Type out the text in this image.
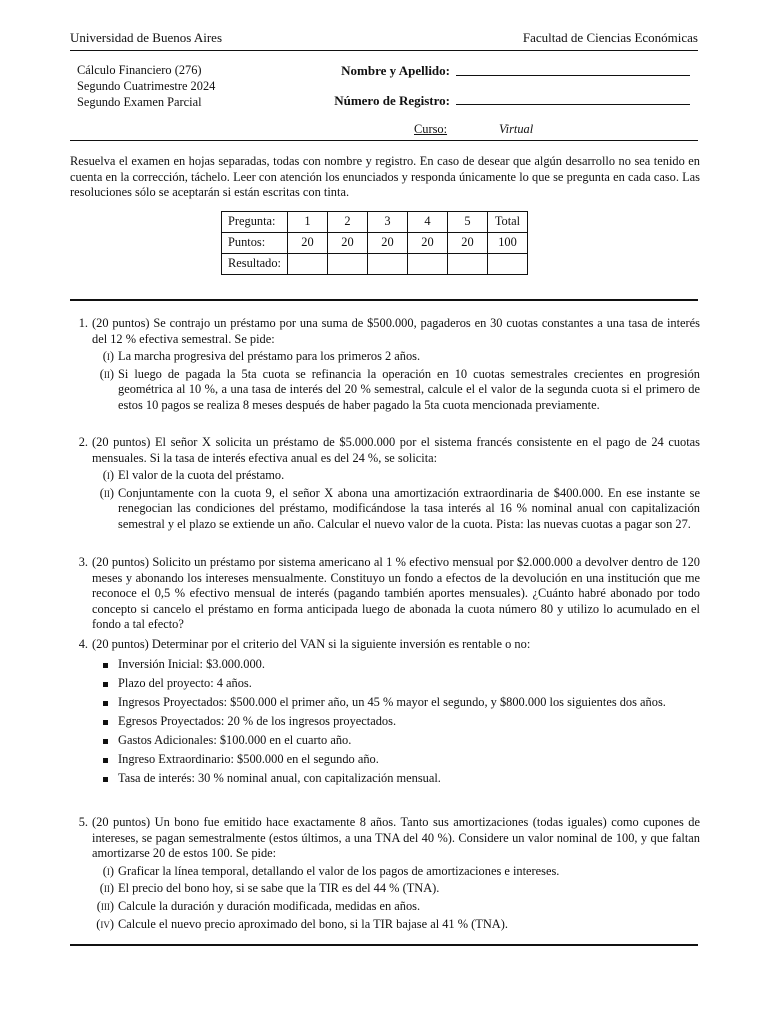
Universidad de Buenos Aires	Facultad de Ciencias Económicas
Cálculo Financiero (276)
Segundo Cuatrimestre 2024
Segundo Examen Parcial
Nombre y Apellido:
Número de Registro:
Curso:	Virtual
Resuelva el examen en hojas separadas, todas con nombre y registro. En caso de desear que algún desarrollo no sea tenido en cuenta en la corrección, táchelo. Leer con atención los enunciados y responda únicamente lo que se pregunta en cada caso. Las resoluciones sólo se aceptarán si están escritas con tinta.
Pregunta:	1	2	3	4	5	Total
Puntos:	20	20	20	20	20	100
Resultado:						
1. (20 puntos) Se contrajo un préstamo por una suma de $500.000, pagaderos en 30 cuotas constantes a una tasa de interés del 12 % efectiva semestral. Se pide:
(i) La marcha progresiva del préstamo para los primeros 2 años.
(ii) Si luego de pagada la 5ta cuota se refinancia la operación en 10 cuotas semestrales crecientes en progresión geométrica al 10 %, a una tasa de interés del 20 % semestral, calcule el el valor de la segunda cuota si el primero de estos 10 pagos se realiza 8 meses después de haber pagado la 5ta cuota mencionada previamente.
2. (20 puntos) El señor X solicita un préstamo de $5.000.000 por el sistema francés consistente en el pago de 24 cuotas mensuales. Si la tasa de interés efectiva anual es del 24 %, se solicita:
(i) El valor de la cuota del préstamo.
(ii) Conjuntamente con la cuota 9, el señor X abona una amortización extraordinaria de $400.000. En ese instante se renegocian las condiciones del préstamo, modificándose la tasa interés al 16 % nominal anual con capitalización semestral y el plazo se extiende un año. Calcular el nuevo valor de la cuota. Pista: las nuevas cuotas a pagar son 27.
3. (20 puntos) Solicito un préstamo por sistema americano al 1 % efectivo mensual por $2.000.000 a devolver dentro de 120 meses y abonando los intereses mensualmente. Constituyo un fondo a efectos de la devolución en una institución que me reconoce el 0,5 % efectivo mensual de interés (pagando también aportes mensuales). ¿Cuánto habré abonado por todo concepto si cancelo el préstamo en forma anticipada luego de abonada la cuota número 80 y utilizo lo acumulado en el fondo a tal efecto?
4. (20 puntos) Determinar por el criterio del VAN si la siguiente inversión es rentable o no:
Inversión Inicial: $3.000.000.
Plazo del proyecto: 4 años.
Ingresos Proyectados: $500.000 el primer año, un 45 % mayor el segundo, y $800.000 los siguientes dos años.
Egresos Proyectados: 20 % de los ingresos proyectados.
Gastos Adicionales: $100.000 en el cuarto año.
Ingreso Extraordinario: $500.000 en el segundo año.
Tasa de interés: 30 % nominal anual, con capitalización mensual.
5. (20 puntos) Un bono fue emitido hace exactamente 8 años. Tanto sus amortizaciones (todas iguales) como cupones de intereses, se pagan semestralmente (estos últimos, a una TNA del 40 %). Considere un valor nominal de 100, y que faltan amortizarse 20 de estos 100. Se pide:
(i) Graficar la línea temporal, detallando el valor de los pagos de amortizaciones e intereses.
(ii) El precio del bono hoy, si se sabe que la TIR es del 44 % (TNA).
(iii) Calcule la duración y duración modificada, medidas en años.
(iv) Calcule el nuevo precio aproximado del bono, si la TIR bajase al 41 % (TNA).
